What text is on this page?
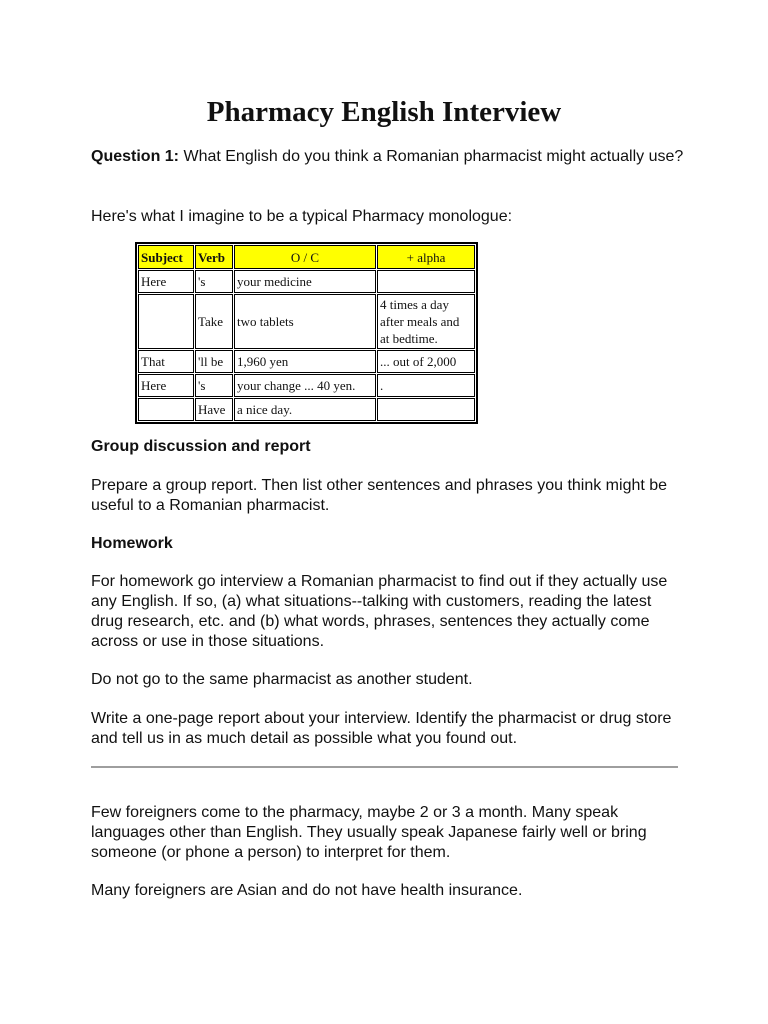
Pharmacy English Interview

Question 1: What English do you think a Romanian pharmacist might actually use?

Here's what I imagine to be a typical Pharmacy monologue:

Subject	Verb	O / C	+ alpha
Here	's	your medicine	
	Take	two tablets	4 times a day after meals and at bedtime.
That	'll be	1,960 yen	... out of 2,000
Here	's	your change ... 40 yen.	.
	Have	a nice day.	
Group discussion and report

Prepare a group report. Then list other sentences and phrases you think might be useful to a Romanian pharmacist.

Homework

For homework go interview a Romanian pharmacist to find out if they actually use any English. If so, (a) what situations--talking with customers, reading the latest drug research, etc. and (b) what words, phrases, sentences they actually come across or use in those situations.

Do not go to the same pharmacist as another student.

Write a one-page report about your interview. Identify the pharmacist or drug store and tell us in as much detail as possible what you found out.

Few foreigners come to the pharmacy, maybe 2 or 3 a month. Many speak languages other than English. They usually speak Japanese fairly well or bring someone (or phone a person) to interpret for them.

Many foreigners are Asian and do not have health insurance.
